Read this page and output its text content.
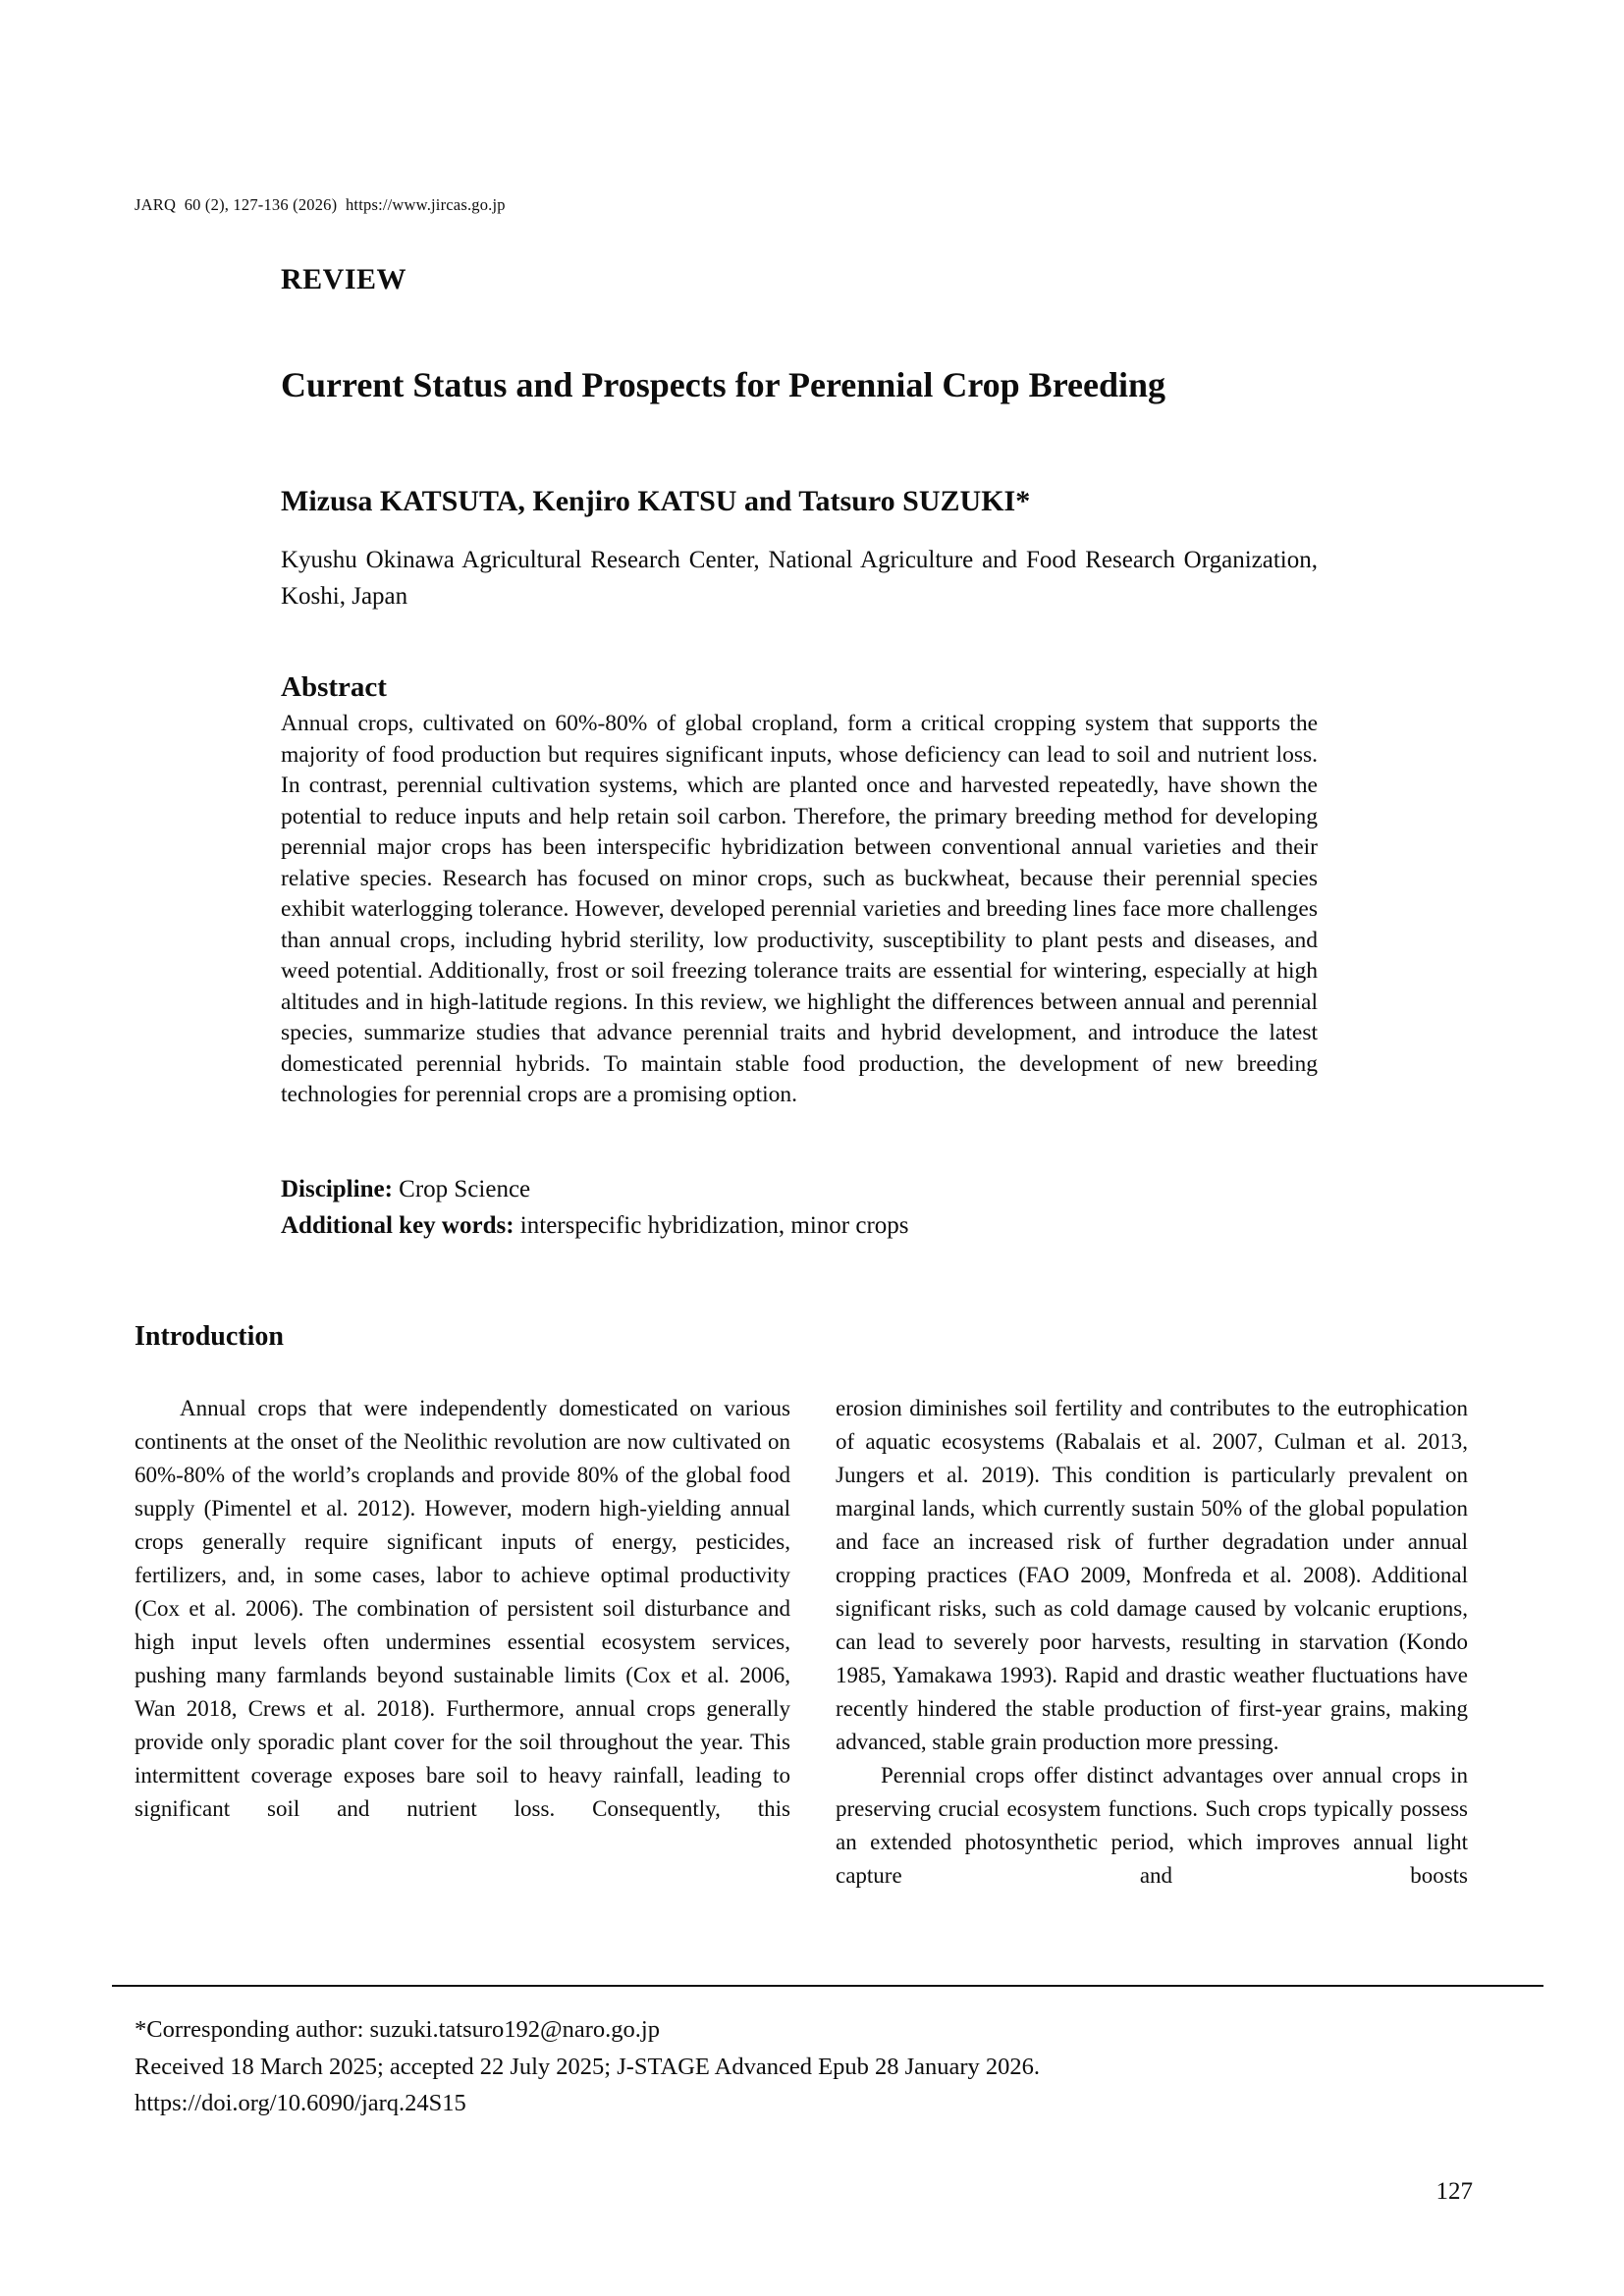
JARQ  60 (2), 127-136 (2026)  https://www.jircas.go.jp
REVIEW
Current Status and Prospects for Perennial Crop Breeding
Mizusa KATSUTA, Kenjiro KATSU and Tatsuro SUZUKI*
Kyushu Okinawa Agricultural Research Center, National Agriculture and Food Research Organization, Koshi, Japan
Abstract
Annual crops, cultivated on 60%-80% of global cropland, form a critical cropping system that supports the majority of food production but requires significant inputs, whose deficiency can lead to soil and nutrient loss. In contrast, perennial cultivation systems, which are planted once and harvested repeatedly, have shown the potential to reduce inputs and help retain soil carbon. Therefore, the primary breeding method for developing perennial major crops has been interspecific hybridization between conventional annual varieties and their relative species. Research has focused on minor crops, such as buckwheat, because their perennial species exhibit waterlogging tolerance. However, developed perennial varieties and breeding lines face more challenges than annual crops, including hybrid sterility, low productivity, susceptibility to plant pests and diseases, and weed potential. Additionally, frost or soil freezing tolerance traits are essential for wintering, especially at high altitudes and in high-latitude regions. In this review, we highlight the differences between annual and perennial species, summarize studies that advance perennial traits and hybrid development, and introduce the latest domesticated perennial hybrids. To maintain stable food production, the development of new breeding technologies for perennial crops are a promising option.
Discipline: Crop Science
Additional key words: interspecific hybridization, minor crops
Introduction

Annual crops that were independently domesticated on various continents at the onset of the Neolithic revolution are now cultivated on 60%-80% of the world’s croplands and provide 80% of the global food supply (Pimentel et al. 2012). However, modern high-yielding annual crops generally require significant inputs of energy, pesticides, fertilizers, and, in some cases, labor to achieve optimal productivity (Cox et al. 2006). The combination of persistent soil disturbance and high input levels often undermines essential ecosystem services, pushing many farmlands beyond sustainable limits (Cox et al. 2006, Wan 2018, Crews et al. 2018). Furthermore, annual crops generally provide only sporadic plant cover for the soil throughout the year. This intermittent coverage exposes bare soil to heavy rainfall, leading to significant soil and nutrient loss. Consequently, this

erosion diminishes soil fertility and contributes to the eutrophication of aquatic ecosystems (Rabalais et al. 2007, Culman et al. 2013, Jungers et al. 2019). This condition is particularly prevalent on marginal lands, which currently sustain 50% of the global population and face an increased risk of further degradation under annual cropping practices (FAO 2009, Monfreda et al. 2008). Additional significant risks, such as cold damage caused by volcanic eruptions, can lead to severely poor harvests, resulting in starvation (Kondo 1985, Yamakawa 1993). Rapid and drastic weather fluctuations have recently hindered the stable production of first-year grains, making advanced, stable grain production more pressing.

Perennial crops offer distinct advantages over annual crops in preserving crucial ecosystem functions. Such crops typically possess an extended photosynthetic period, which improves annual light capture and boosts

*Corresponding author: suzuki.tatsuro192@naro.go.jp
Received 18 March 2025; accepted 22 July 2025; J-STAGE Advanced Epub 28 January 2026.
https://doi.org/10.6090/jarq.24S15
127
